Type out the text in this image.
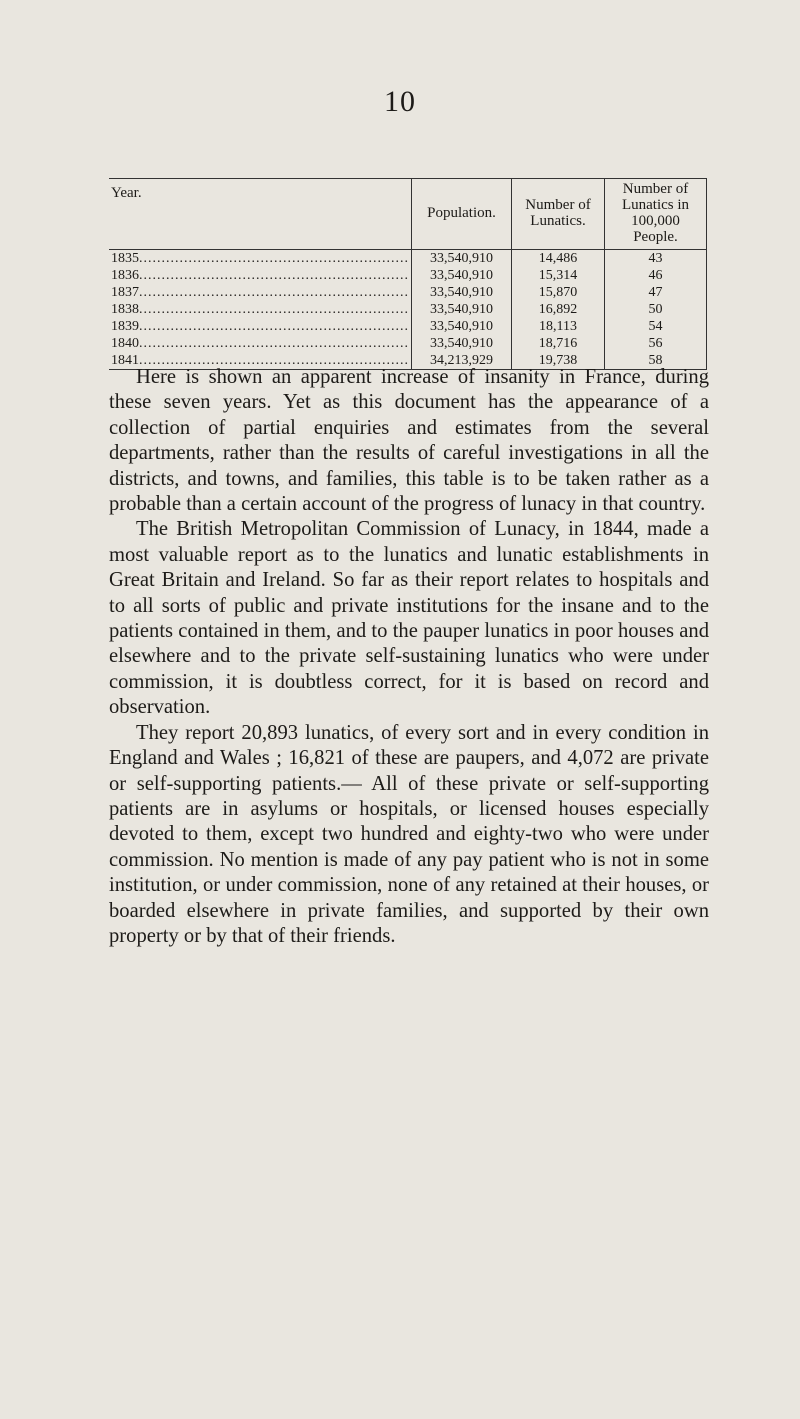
10
Year.	Population.	Number of Lunatics.	Number of Lunatics in 100,000 People.
1835............................................................	33,540,910	14,486	43
1836............................................................	33,540,910	15,314	46
1837............................................................	33,540,910	15,870	47
1838............................................................	33,540,910	16,892	50
1839............................................................	33,540,910	18,113	54
1840............................................................	33,540,910	18,716	56
1841............................................................	34,213,929	19,738	58

Here is shown an apparent increase of insanity in France, during these seven years. Yet as this document has the appearance of a collection of partial enquiries and estimates from the several departments, rather than the results of careful investigations in all the districts, and towns, and families, this table is to be taken rather as a probable than a certain account of the progress of lunacy in that country.

The British Metropolitan Commission of Lunacy, in 1844, made a most valuable report as to the lunatics and lunatic establishments in Great Britain and Ireland. So far as their report relates to hospitals and to all sorts of public and private institutions for the insane and to the patients contained in them, and to the pauper lunatics in poor houses and elsewhere and to the private self-sustaining lunatics who were under commission, it is doubtless correct, for it is based on record and observation.

They report 20,893 lunatics, of every sort and in every condition in England and Wales ; 16,821 of these are paupers, and 4,072 are private or self-supporting patients.— All of these private or self-supporting patients are in asylums or hospitals, or licensed houses especially devoted to them, except two hundred and eighty-two who were under commission. No mention is made of any pay patient who is not in some institution, or under commission, none of any retained at their houses, or boarded elsewhere in private families, and supported by their own property or by that of their friends.
